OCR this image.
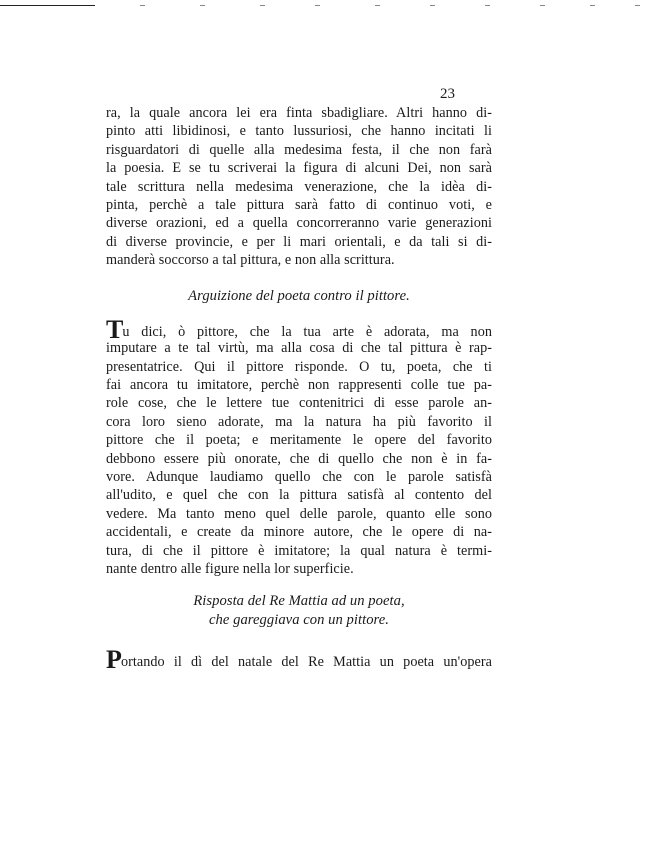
23
ra, la quale ancora lei era finta sbadigliare. Altri hanno di-
pinto atti libidinosi, e tanto lussuriosi, che hanno incitati li
risguardatori di quelle alla medesima festa, il che non farà
la poesia. E se tu scriverai la figura di alcuni Dei, non sarà
tale scrittura nella medesima venerazione, che la idèa di-
pinta, perchè a tale pittura sarà fatto di continuo voti, e
diverse orazioni, ed a quella concorreranno varie generazioni
di diverse provincie, e per li mari orientali, e da tali si di-
manderà soccorso a tal pittura, e non alla scrittura.
Arguizione del poeta contro il pittore.
Tu dici, ò pittore, che la tua arte è adorata, ma non
imputare a te tal virtù, ma alla cosa di che tal pittura è rap-
presentatrice. Qui il pittore risponde. O tu, poeta, che ti
fai ancora tu imitatore, perchè non rappresenti colle tue pa-
role cose, che le lettere tue contenitrici di esse parole an-
cora loro sieno adorate, ma la natura ha più favorito il
pittore che il poeta; e meritamente le opere del favorito
debbono essere più onorate, che di quello che non è in fa-
vore. Adunque laudiamo quello che con le parole satisfà
all'udito, e quel che con la pittura satisfà al contento del
vedere. Ma tanto meno quel delle parole, quanto elle sono
accidentali, e create da minore autore, che le opere di na-
tura, di che il pittore è imitatore; la qual natura è termi-
nante dentro alle figure nella lor superficie.
Risposta del Re Mattia ad un poeta,
che gareggiava con un pittore.
Portando il dì del natale del Re Mattia un poeta un'opera
